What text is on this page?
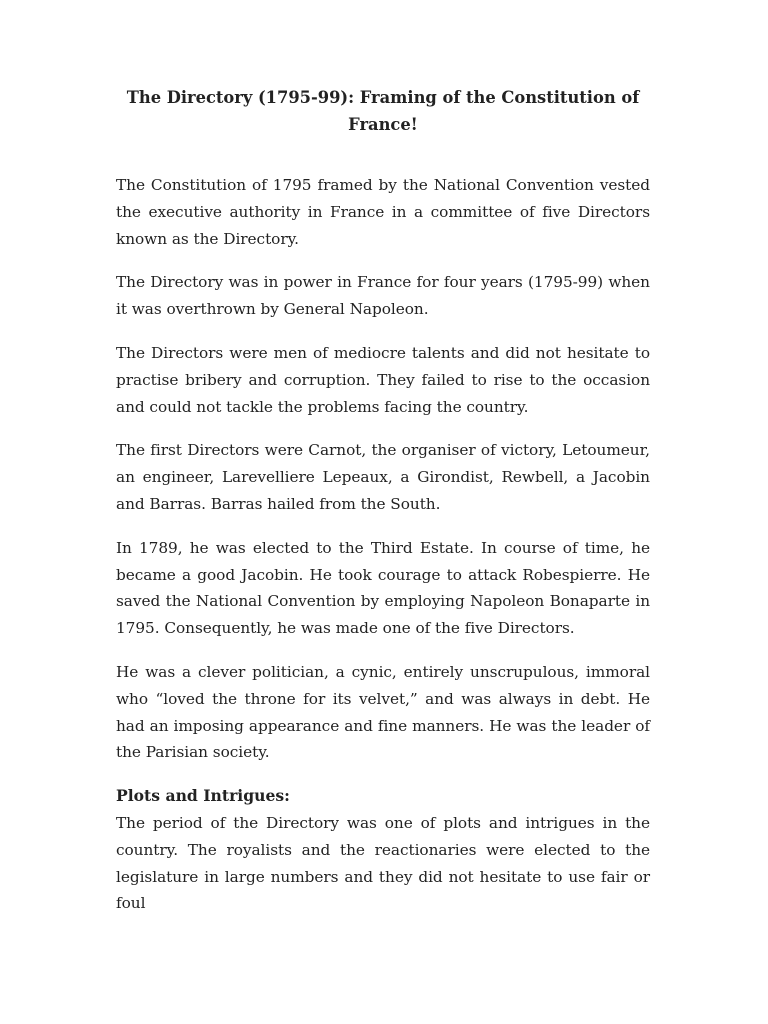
The Directory (1795-99): Framing of the Constitution of France!

The Constitution of 1795 framed by the National Convention vested the executive authority in France in a committee of five Directors known as the Directory.

The Directory was in power in France for four years (1795-99) when it was overthrown by General Napoleon.

The Directors were men of mediocre talents and did not hesitate to practise bribery and corruption. They failed to rise to the occasion and could not tackle the problems facing the country.

The first Directors were Carnot, the organiser of victory, Letoumeur, an engineer, Larevelliere Lepeaux, a Girondist, Rewbell, a Jacobin and Barras. Barras hailed from the South.

In 1789, he was elected to the Third Estate. In course of time, he became a good Jacobin. He took courage to attack Robespierre. He saved the National Convention by employing Napoleon Bonaparte in 1795. Consequently, he was made one of the five Directors.

He was a clever politician, a cynic, entirely unscrupulous, immoral who “loved the throne for its velvet,” and was always in debt. He had an imposing appearance and fine manners. He was the leader of the Parisian society.

Plots and Intrigues:

The period of the Directory was one of plots and intrigues in the country. The royalists and the reactionaries were elected to the legislature in large numbers and they did not hesitate to use fair or foul
